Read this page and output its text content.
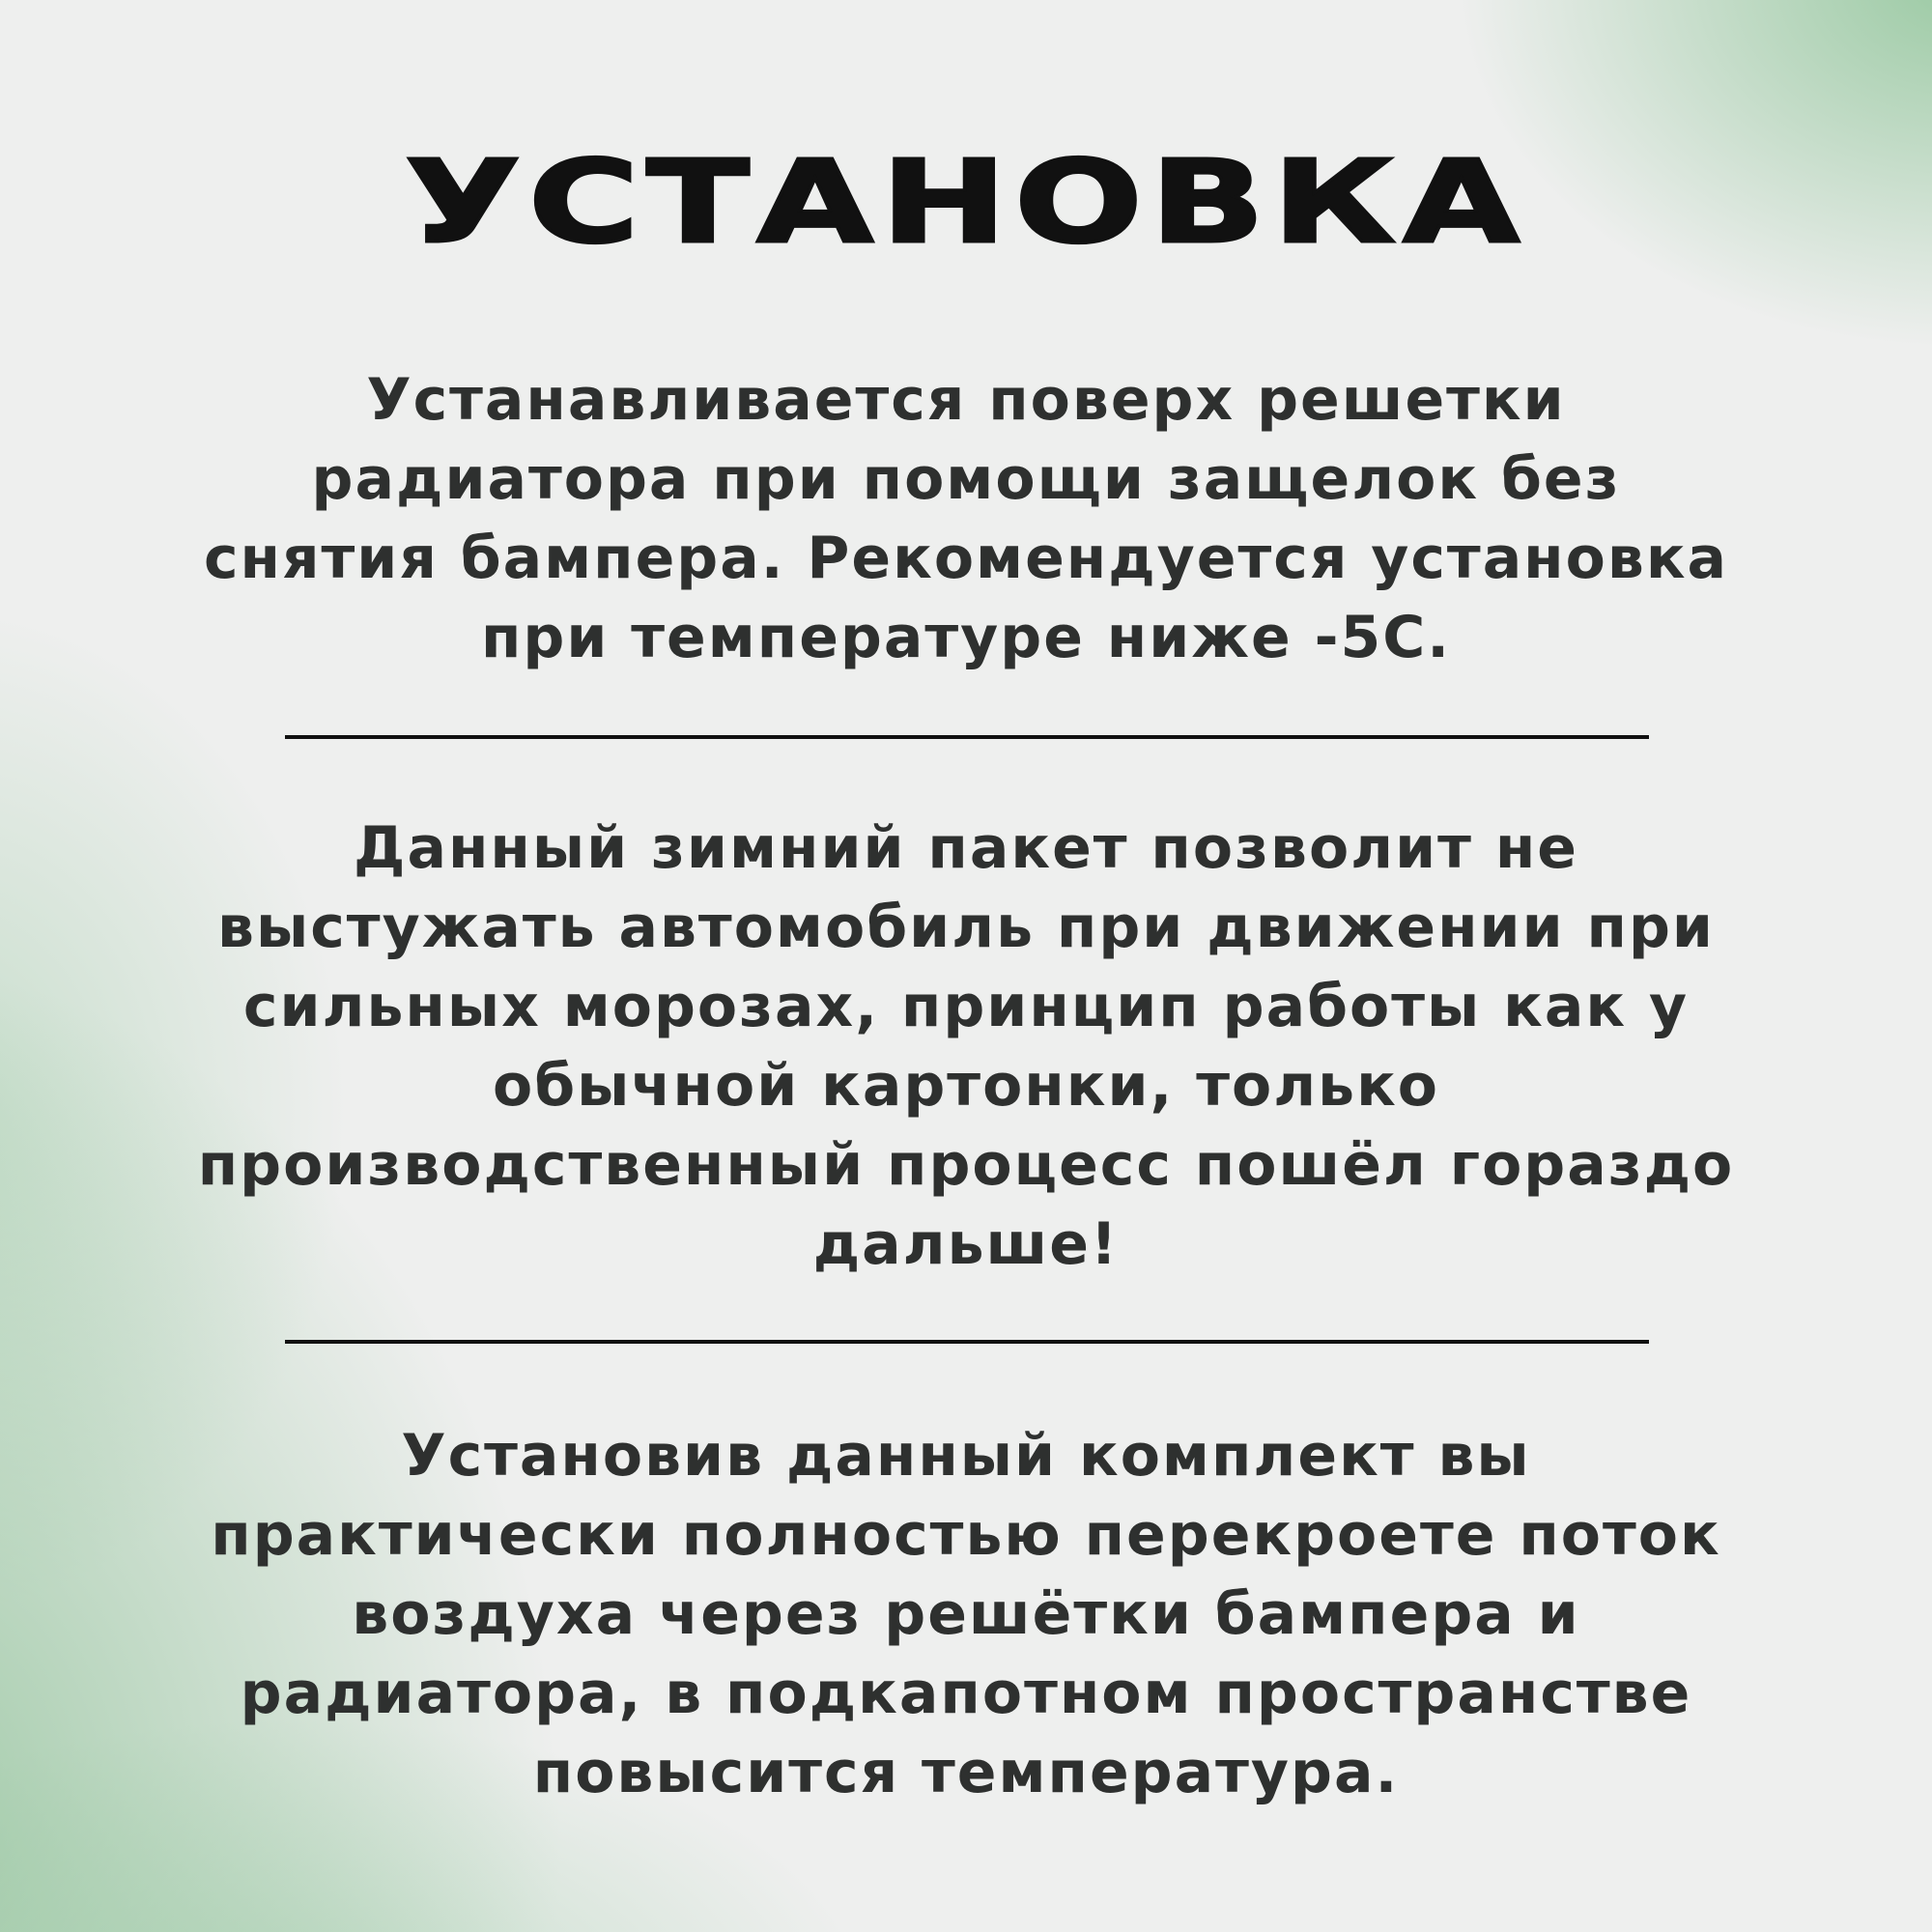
УСТАНОВКА

Устанавливается поверх решетки радиатора при помощи защелок без снятия бампера. Рекомендуется установка при температуре ниже -5С.

Данный зимний пакет позволит не выстужать автомобиль при движении при сильных морозах, принцип работы как у обычной картонки, только производственный процесс пошёл гораздо дальше!

Установив данный комплект вы практически полностью перекроете поток воздуха через решётки бампера и радиатора, в подкапотном пространстве повысится температура.
